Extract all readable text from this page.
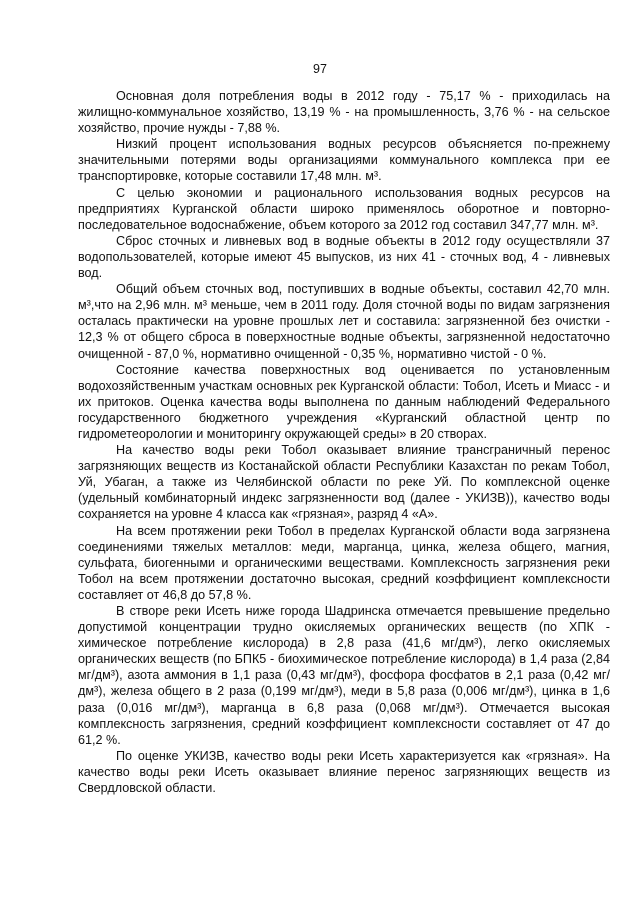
97

Основная доля потребления воды в 2012 году - 75,17 % - приходилась на жилищно-коммунальное хозяйство, 13,19 % - на промышленность, 3,76 % - на сельское хозяйство, прочие нужды - 7,88 %.

Низкий процент использования водных ресурсов объясняется по-прежнему значительными потерями воды организациями коммунального комплекса при ее транспортировке, которые составили 17,48 млн. м³.

С целью экономии и рационального использования водных ресурсов на предприятиях Курганской области широко применялось оборотное и повторно-последовательное водоснабжение, объем которого за 2012 год составил 347,77 млн. м³.

Сброс сточных и ливневых вод в водные объекты в 2012 году осуществляли 37 водопользователей, которые имеют 45 выпусков, из них 41 - сточных вод, 4 - ливневых вод.

Общий объем сточных вод, поступивших в водные объекты, составил 42,70 млн. м³,что на 2,96 млн. м³ меньше, чем в 2011 году. Доля сточной воды по видам загрязнения осталась практически на уровне прошлых лет и составила: загрязненной без очистки - 12,3 % от общего сброса в поверхностные водные объекты, загрязненной недостаточно очищенной - 87,0 %, нормативно очищенной - 0,35 %, нормативно чистой - 0 %.

Состояние качества поверхностных вод оценивается по установленным водохозяйственным участкам основных рек Курганской области: Тобол, Исеть и Миасс - и их притоков. Оценка качества воды выполнена по данным наблюдений Федерального государственного бюджетного учреждения «Курганский областной центр по гидрометеорологии и мониторингу окружающей среды» в 20 створах.

На качество воды реки Тобол оказывает влияние трансграничный перенос загрязняющих веществ из Костанайской области Республики Казахстан по рекам Тобол, Уй, Убаган, а также из Челябинской области по реке Уй. По комплексной оценке (удельный комбинаторный индекс загрязненности вод (далее - УКИЗВ)), качество воды сохраняется на уровне 4 класса как «грязная», разряд 4 «А».

На всем протяжении реки Тобол в пределах Курганской области вода загрязнена соединениями тяжелых металлов: меди, марганца, цинка, железа общего, магния, сульфата, биогенными и органическими веществами. Комплексность загрязнения реки Тобол на всем протяжении достаточно высокая, средний коэффициент комплексности составляет от 46,8 до 57,8 %.

В створе реки Исеть ниже города Шадринска отмечается превышение предельно допустимой концентрации трудно окисляемых органических веществ (по ХПК - химическое потребление кислорода) в 2,8 раза (41,6 мг/дм³), легко окисляемых органических веществ (по БПК5 - биохимическое потребление кислорода) в 1,4 раза (2,84 мг/дм³), азота аммония в 1,1 раза (0,43 мг/дм³), фосфора фосфатов в 2,1 раза (0,42 мг/дм³), железа общего в 2 раза (0,199 мг/дм³), меди в 5,8 раза (0,006 мг/дм³), цинка в 1,6 раза (0,016 мг/дм³), марганца в 6,8 раза (0,068 мг/дм³). Отмечается высокая комплексность загрязнения, средний коэффициент комплексности составляет от 47 до 61,2 %.

По оценке УКИЗВ, качество воды реки Исеть характеризуется как «грязная». На качество воды реки Исеть оказывает влияние перенос загрязняющих веществ из Свердловской области.
